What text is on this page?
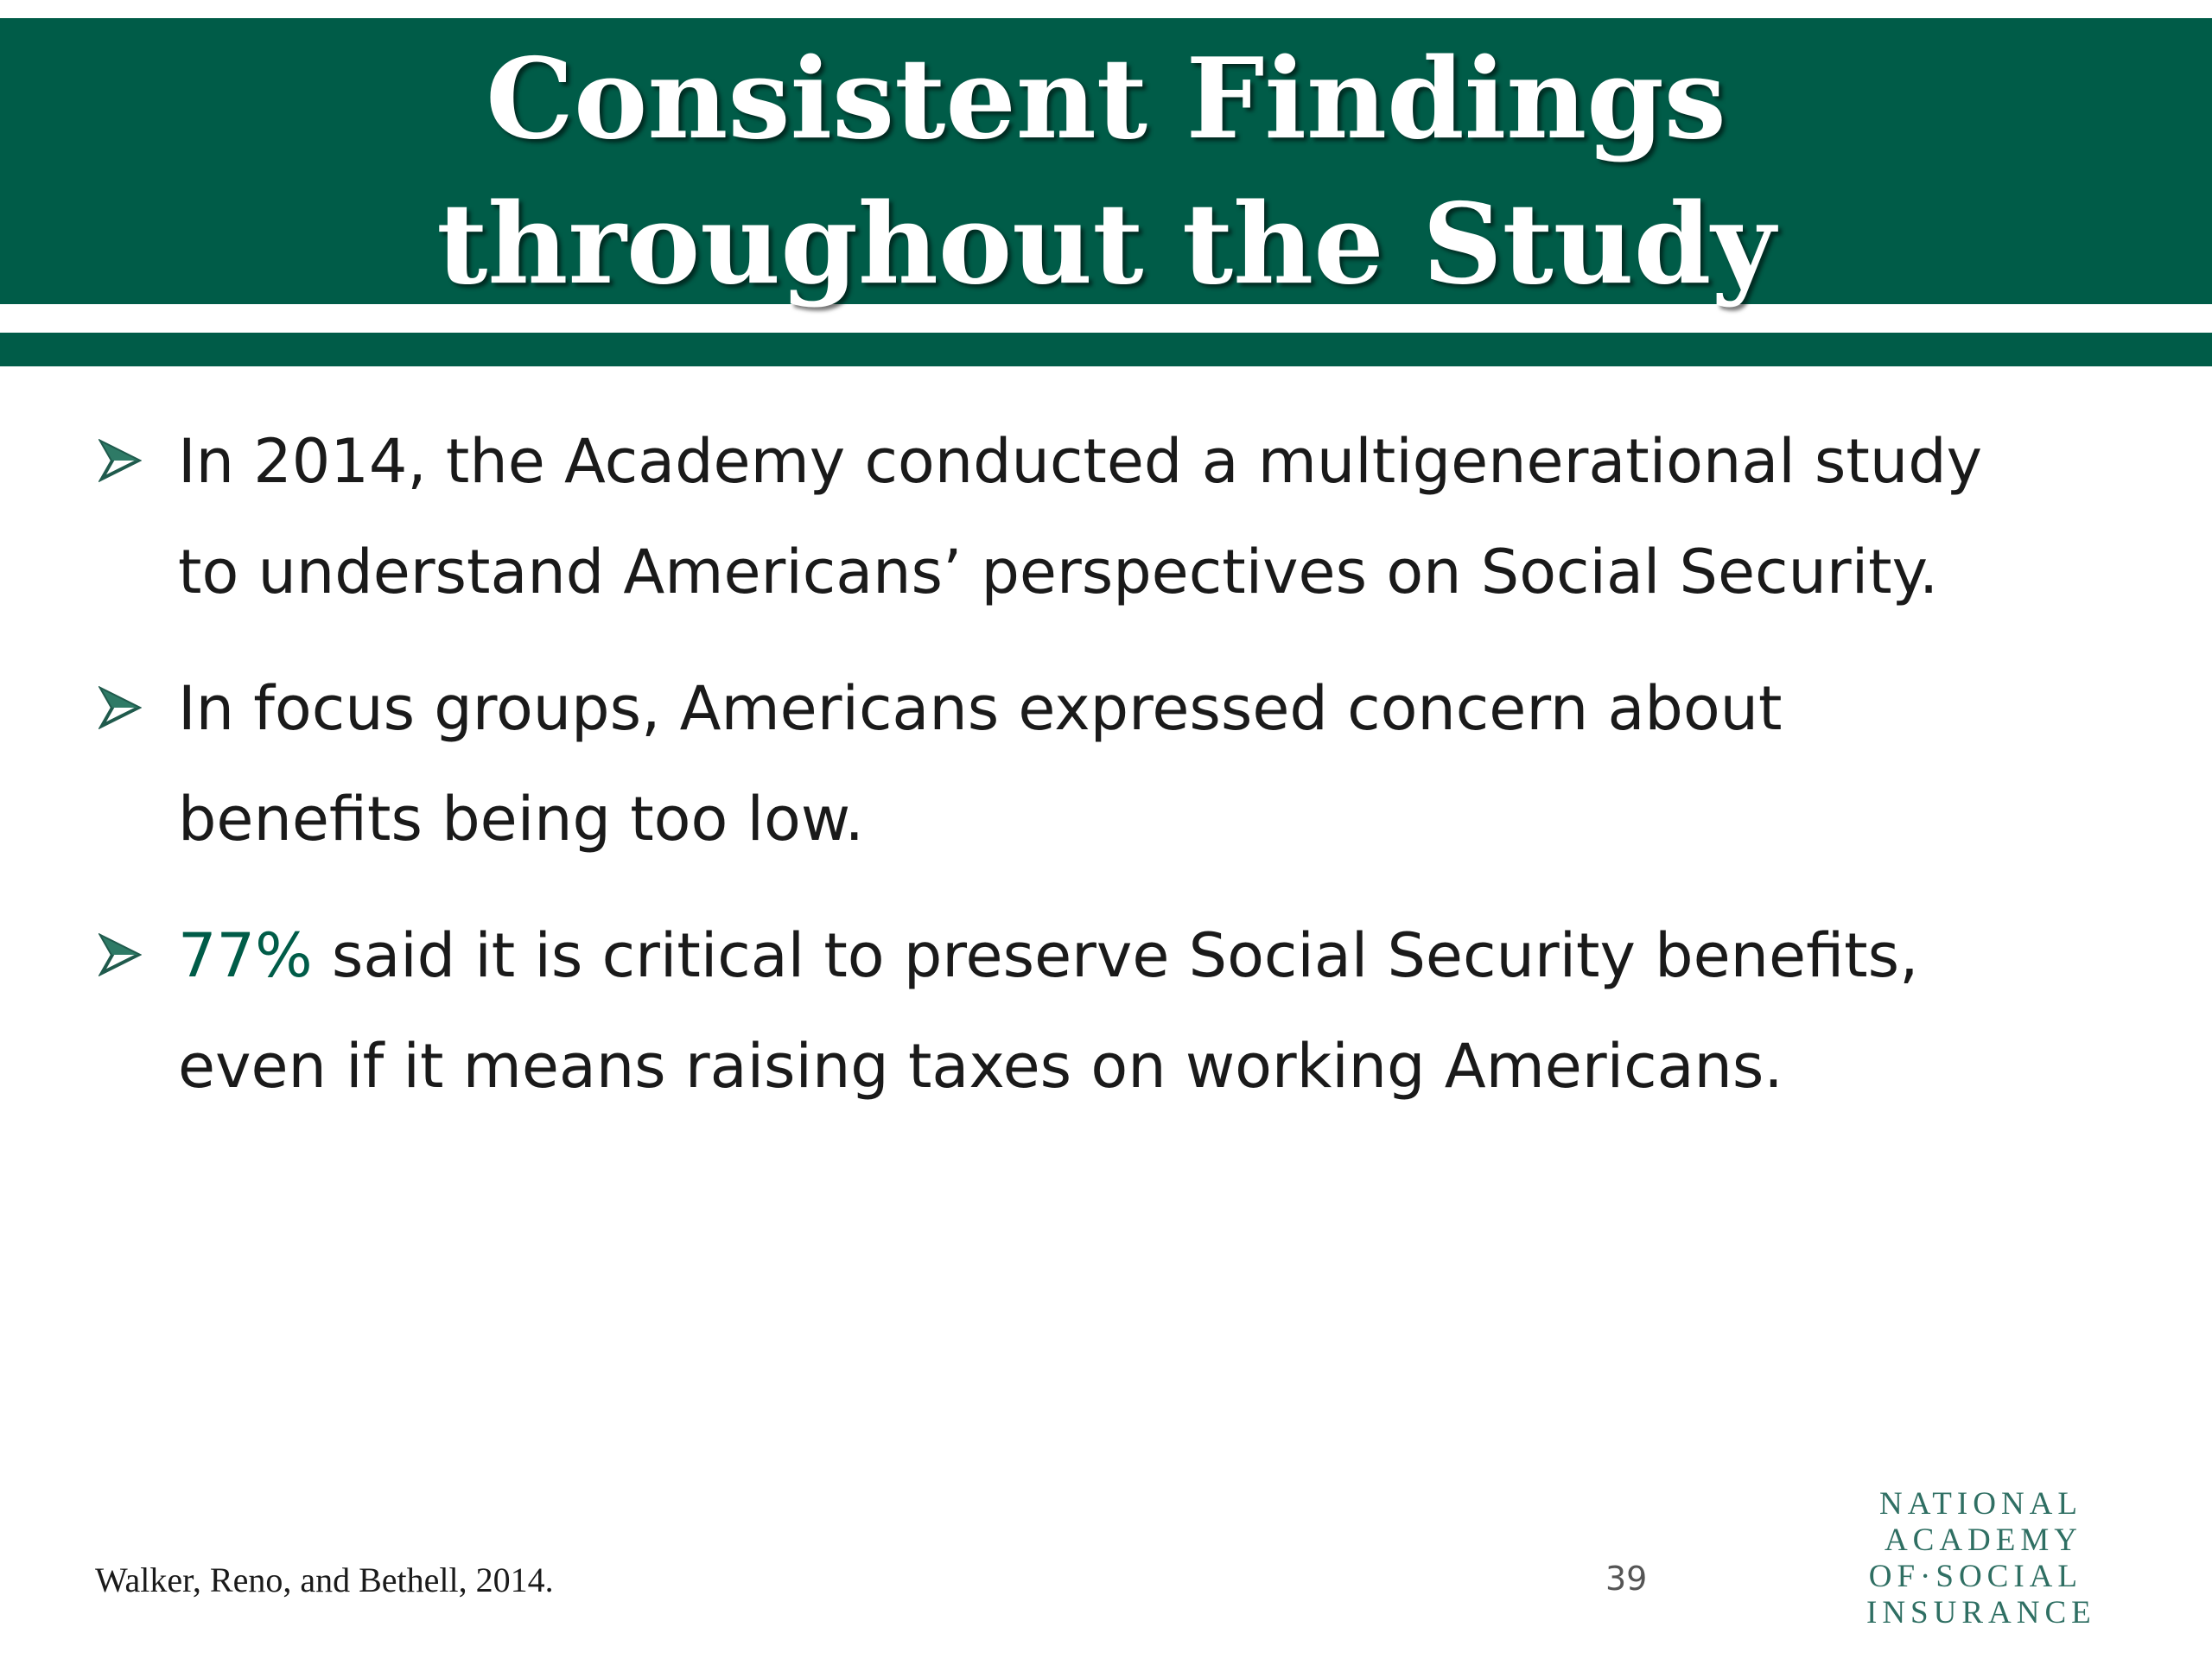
Consistent Findings
throughout the Study
In 2014, the Academy conducted a multigenerational study
to understand Americans’ perspectives on Social Security.
In focus groups, Americans expressed concern about
benefits being too low.
77% said it is critical to preserve Social Security benefits,
even if it means raising taxes on working Americans.
Walker, Reno, and Bethell, 2014.	39
NATIONAL
ACADEMY
OF·SOCIAL
INSURANCE
